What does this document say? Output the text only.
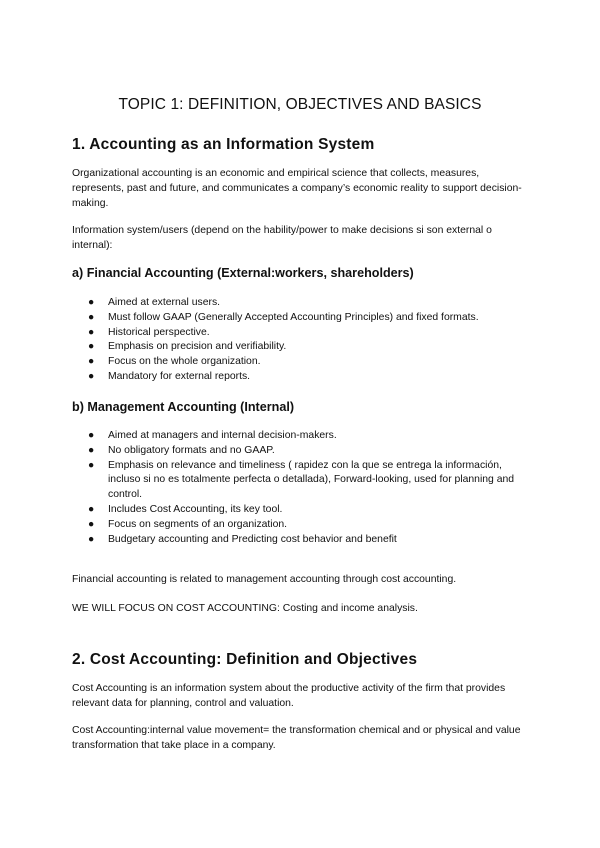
TOPIC 1: DEFINITION, OBJECTIVES AND BASICS
1. Accounting as an Information System

Organizational accounting is an economic and empirical science that collects, measures, represents, past and future, and communicates a company’s economic reality to support decision-making.

Information system/users (depend on the hability/power to make decisions si son external o internal):

a) Financial Accounting (External:workers, shareholders)
● Aimed at external users.
● Must follow GAAP (Generally Accepted Accounting Principles) and fixed formats.
● Historical perspective.
● Emphasis on precision and verifiability.
● Focus on the whole organization.
● Mandatory for external reports.
b) Management Accounting (Internal)
● Aimed at managers and internal decision-makers.
● No obligatory formats and no GAAP.
● Emphasis on relevance and timeliness ( rapidez con la que se entrega la información, incluso si no es totalmente perfecta o detallada), Forward-looking, used for planning and control.
● Includes Cost Accounting, its key tool.
● Focus on segments of an organization.
● Budgetary accounting and Predicting cost behavior and benefit

Financial accounting is related to management accounting through cost accounting.

WE WILL FOCUS ON COST ACCOUNTING: Costing and income analysis.

2. Cost Accounting: Definition and Objectives

Cost Accounting is an information system about the productive activity of the firm that provides relevant data for planning, control and valuation.

Cost Accounting:internal value movement= the transformation chemical and or physical and value transformation that take place in a company.
